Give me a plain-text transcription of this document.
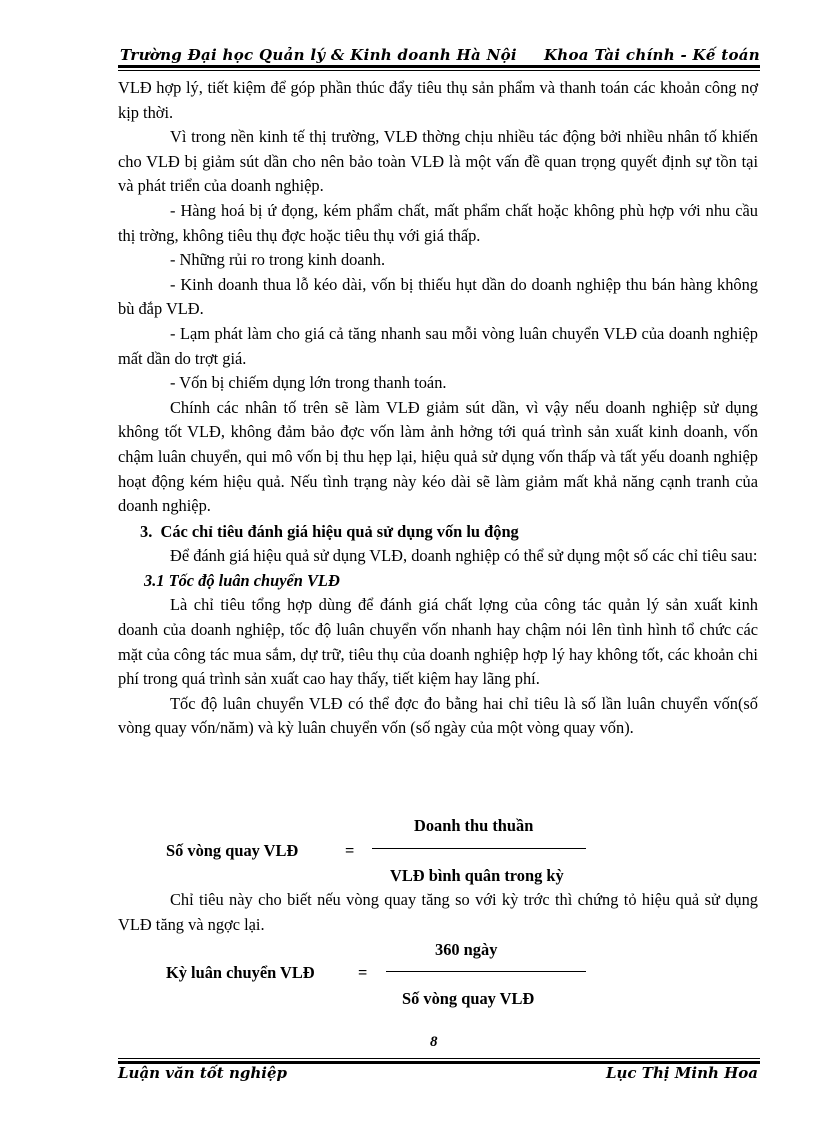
Trường Đại học Quản lý & Kinh doanh Hà Nội Khoa Tài chính - Kế toán

VLĐ hợp lý, tiết kiệm để góp phần thúc đẩy tiêu thụ sản phẩm và thanh toán các khoản công nợ kịp thời.

Vì trong nền kinh tế thị trường, VLĐ thờng chịu nhiều tác động bởi nhiều nhân tố khiến cho VLĐ bị giảm sút dần cho nên bảo toàn VLĐ là một vấn đề quan trọng quyết định sự tồn tại và phát triển của doanh nghiệp.

- Hàng hoá bị ứ đọng, kém phẩm chất, mất phẩm chất hoặc không phù hợp với nhu cầu thị trờng, không tiêu thụ đợc hoặc tiêu thụ với giá thấp.

- Những rủi ro trong kinh doanh.

- Kinh doanh thua lỗ kéo dài, vốn bị thiếu hụt dần do doanh nghiệp thu bán hàng không bù đắp VLĐ.

- Lạm phát làm cho giá cả tăng nhanh sau mỗi vòng luân chuyển VLĐ của doanh nghiệp mất dần do trợt giá.

- Vốn bị chiếm dụng lớn trong thanh toán.

Chính các nhân tố trên sẽ làm VLĐ giảm sút dần, vì vậy nếu doanh nghiệp sử dụng không tốt VLĐ, không đảm bảo đợc vốn làm ảnh hởng tới quá trình sản xuất kinh doanh, vốn chậm luân chuyển, qui mô vốn bị thu hẹp lại, hiệu quả sử dụng vốn thấp và tất yếu doanh nghiệp hoạt động kém hiệu quả. Nếu tình trạng này kéo dài sẽ làm giảm mất khả năng cạnh tranh của doanh nghiệp.

3. Các chỉ tiêu đánh giá hiệu quả sử dụng vốn lu động

Để đánh giá hiệu quả sử dụng VLĐ, doanh nghiệp có thể sử dụng một số các chỉ tiêu sau:

3.1 Tốc độ luân chuyển VLĐ

Là chỉ tiêu tổng hợp dùng để đánh giá chất lợng của công tác quản lý sản xuất kinh doanh của doanh nghiệp, tốc độ luân chuyển vốn nhanh hay chậm nói lên tình hình tổ chức các mặt của công tác mua sắm, dự trữ, tiêu thụ của doanh nghiệp hợp lý hay không tốt, các khoản chi phí trong quá trình sản xuất cao hay thấy, tiết kiệm hay lãng phí.

Tốc độ luân chuyển VLĐ có thể đợc đo bằng hai chỉ tiêu là số lần luân chuyển vốn(số vòng quay vốn/năm) và kỳ luân chuyển vốn (số ngày của một vòng quay vốn).

Doanh thu thuần
Số vòng quay VLĐ	=
VLĐ bình quân trong kỳ

Chỉ tiêu này cho biết nếu vòng quay tăng so với kỳ trớc thì chứng tỏ hiệu quả sử dụng VLĐ tăng và ngợc lại.

360 ngày
Kỳ luân chuyển VLĐ	=
Số vòng quay VLĐ
8
Luận văn tốt nghiệp	Lục Thị Minh Hoa
